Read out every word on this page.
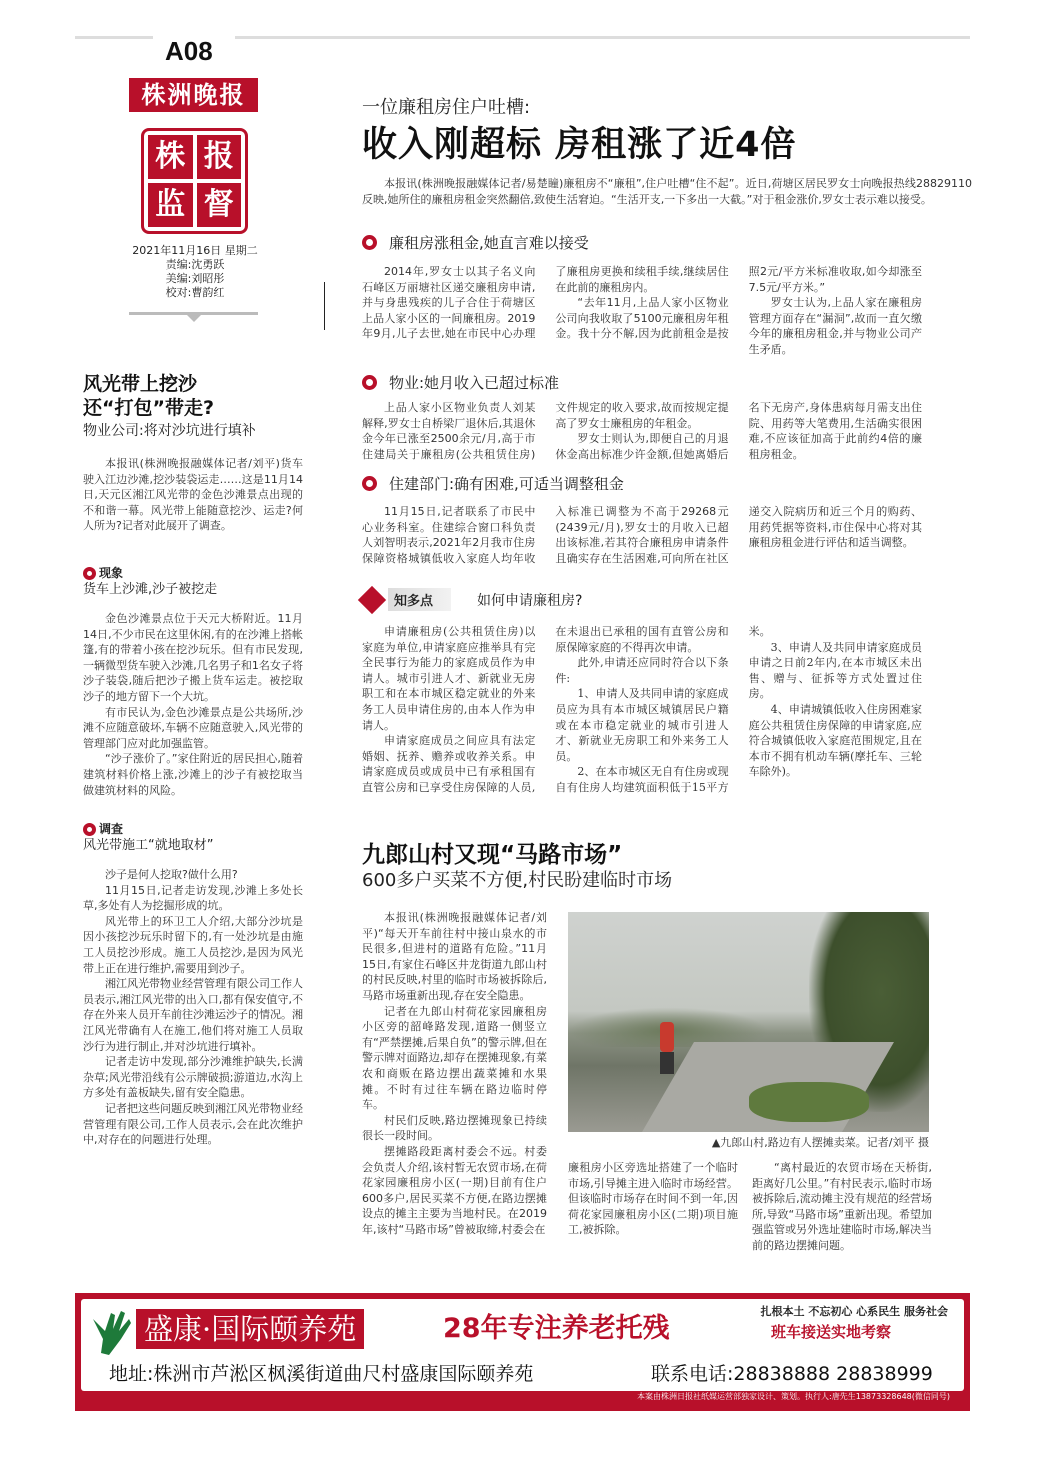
A08
株洲晚报
株 报
监 督
2021年11月16日 星期二
责编:沈勇跃
美编:刘昭彤
校对:曹韵红
风光带上挖沙
还“打包”带走?
物业公司:将对沙坑进行填补

本报讯(株洲晚报融媒体记者/刘平)货车驶入江边沙滩,挖沙装袋运走……这是11月14日,天元区湘江风光带的金色沙滩景点出现的不和谐一幕。风光带上能随意挖沙、运走?何人所为?记者对此展开了调查。

现象
货车上沙滩,沙子被挖走

金色沙滩景点位于天元大桥附近。11月14日,不少市民在这里休闲,有的在沙滩上搭帐篷,有的带着小孩在挖沙玩乐。但有市民发现,一辆微型货车驶入沙滩,几名男子和1名女子将沙子装袋,随后把沙子搬上货车运走。被挖取沙子的地方留下一个大坑。

有市民认为,金色沙滩景点是公共场所,沙滩不应随意破坏,车辆不应随意驶入,风光带的管理部门应对此加强监管。

“沙子涨价了。”家住附近的居民担心,随着建筑材料价格上涨,沙滩上的沙子有被挖取当做建筑材料的风险。

调查
风光带施工“就地取材”

沙子是何人挖取?做什么用?

11月15日,记者走访发现,沙滩上多处长草,多处有人为挖掘形成的坑。

风光带上的环卫工人介绍,大部分沙坑是因小孩挖沙玩乐时留下的,有一处沙坑是由施工人员挖沙形成。施工人员挖沙,是因为风光带上正在进行维护,需要用到沙子。

湘江风光带物业经营管理有限公司工作人员表示,湘江风光带的出入口,都有保安值守,不存在外来人员开车前往沙滩运沙子的情况。湘江风光带确有人在施工,他们将对施工人员取沙行为进行制止,并对沙坑进行填补。

记者走访中发现,部分沙滩维护缺失,长满杂草;风光带沿线有公示牌破损;游道边,水沟上方多处有盖板缺失,留有安全隐患。

记者把这些问题反映到湘江风光带物业经营管理有限公司,工作人员表示,会在此次维护中,对存在的问题进行处理。

一位廉租房住户吐槽:
收入刚超标 房租涨了近4倍

本报讯(株洲晚报融媒体记者/易楚瞳)廉租房不“廉租”,住户吐槽“住不起”。近日,荷塘区居民罗女士向晚报热线28829110反映,她所住的廉租房租金突然翻倍,致使生活窘迫。“生活开支,一下多出一大截。”对于租金涨价,罗女士表示难以接受。

廉租房涨租金,她直言难以接受

2014年,罗女士以其子名义向石峰区万丽塘社区递交廉租房申请,并与身患残疾的儿子合住于荷塘区上品人家小区的一间廉租房。2019年9月,儿子去世,她在市民中心办理了廉租房更换和续租手续,继续居住在此前的廉租房内。

“去年11月,上品人家小区物业公司向我收取了5100元廉租房年租金。我十分不解,因为此前租金是按照2元/平方米标准收取,如今却涨至7.5元/平方米。”

罗女士认为,上品人家在廉租房管理方面存在“漏洞”,故而一直欠缴今年的廉租房租金,并与物业公司产生矛盾。

物业:她月收入已超过标准

上品人家小区物业负责人刘某解释,罗女士自桥梁厂退休后,其退休金今年已涨至2500余元/月,高于市住建局关于廉租房(公共租赁住房)文件规定的收入要求,故而按规定提高了罗女士廉租房的年租金。

罗女士则认为,即便自己的月退休金高出标准少许金额,但她离婚后名下无房产,身体患病每月需支出住院、用药等大笔费用,生活确实很困难,不应该征加高于此前约4倍的廉租房租金。

住建部门:确有困难,可适当调整租金

11月15日,记者联系了市民中心业务科室。住建综合窗口科负责人刘智明表示,2021年2月我市住房保障资格城镇低收入家庭人均年收入标准已调整为不高于29268元(2439元/月),罗女士的月收入已超出该标准,若其符合廉租房申请条件且确实存在生活困难,可向所在社区递交入院病历和近三个月的购药、用药凭据等资料,市住保中心将对其廉租房租金进行评估和适当调整。

知多点	如何申请廉租房?

申请廉租房(公共租赁住房)以家庭为单位,申请家庭应推举具有完全民事行为能力的家庭成员作为申请人。城市引进人才、新就业无房职工和在本市城区稳定就业的外来务工人员申请住房的,由本人作为申请人。

申请家庭成员之间应具有法定婚姻、抚养、赡养或收养关系。申请家庭成员或成员中已有承租国有直管公房和已享受住房保障的人员,在未退出已承租的国有直管公房和原保障家庭的不得再次申请。

此外,申请还应同时符合以下条件:

1、申请人及共同申请的家庭成员应为具有本市城区城镇居民户籍或在本市稳定就业的城市引进人才、新就业无房职工和外来务工人员。

2、在本市城区无自有住房或现自有住房人均建筑面积低于15平方米。

3、申请人及共同申请家庭成员申请之日前2年内,在本市城区未出售、赠与、征拆等方式处置过住房。

4、申请城镇低收入住房困难家庭公共租赁住房保障的申请家庭,应符合城镇低收入家庭范围规定,且在本市不拥有机动车辆(摩托车、三轮车除外)。

九郎山村又现“马路市场”
600多户买菜不方便,村民盼建临时市场

本报讯(株洲晚报融媒体记者/刘平)“每天开车前往村中接山泉水的市民很多,但进村的道路有危险。”11月15日,有家住石峰区井龙街道九郎山村的村民反映,村里的临时市场被拆除后,马路市场重新出现,存在安全隐患。

记者在九郎山村荷花家园廉租房小区旁的韶峰路发现,道路一侧竖立有“严禁摆摊,后果自负”的警示牌,但在警示牌对面路边,却存在摆摊现象,有菜农和商贩在路边摆出蔬菜摊和水果摊。不时有过往车辆在路边临时停车。

村民们反映,路边摆摊现象已持续很长一段时间。

摆摊路段距离村委会不远。村委会负责人介绍,该村暂无农贸市场,在荷花家园廉租房小区(一期)目前有住户600多户,居民买菜不方便,在路边摆摊设点的摊主主要为当地村民。在2019年,该村“马路市场”曾被取缔,村委会在

▲九郎山村,路边有人摆摊卖菜。记者/刘平 摄

廉租房小区旁选址搭建了一个临时市场,引导摊主进入临时市场经营。但该临时市场存在时间不到一年,因荷花家园廉租房小区(二期)项目施工,被拆除。

“离村最近的农贸市场在天桥街,距离好几公里。”有村民表示,临时市场被拆除后,流动摊主没有规范的经营场所,导致“马路市场”重新出现。希望加强监管或另外选址建临时市场,解决当前的路边摆摊问题。

盛康·国际颐养苑	28年专注养老托残	班车接送实地考察
扎根本土 不忘初心 心系民生 服务社会
地址:株洲市芦淞区枫溪街道曲尺村盛康国际颐养苑	联系电话:28838888 28838999
本案由株洲日报社纸媒运营部独家设计、策划。执行人:唐先生13873328648(微信同号)
